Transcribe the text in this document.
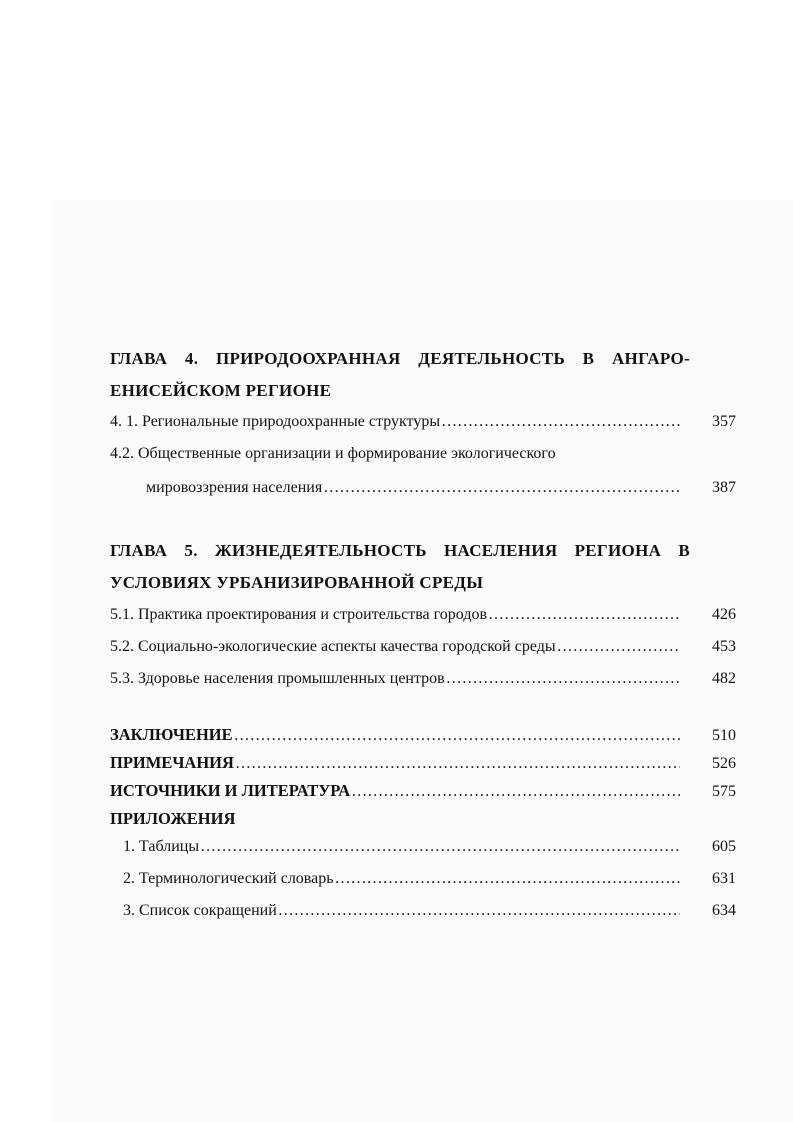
ГЛАВА 4. ПРИРОДООХРАННАЯ ДЕЯТЕЛЬНОСТЬ В АНГАРО-
ЕНИСЕЙСКОМ РЕГИОНЕ
4. 1. Региональные природоохранные структуры ……………………………………………………………………………………………………………………………………	357
4.2. Общественные организации и формирование экологического
мировоззрения населения ……………………………………………………………………………………………………………………………………	387
ГЛАВА 5. ЖИЗНЕДЕЯТЕЛЬНОСТЬ НАСЕЛЕНИЯ РЕГИОНА В
УСЛОВИЯХ УРБАНИЗИРОВАННОЙ СРЕДЫ
5.1. Практика проектирования и строительства городов ……………………………………………………………………………………………………………………………………	426
5.2. Социально-экологические аспекты качества городской среды ……………………………………………………………………………………………………………………………………	453
5.3. Здоровье населения промышленных центров ……………………………………………………………………………………………………………………………………	482
ЗАКЛЮЧЕНИЕ ……………………………………………………………………………………………………………………………………	510
ПРИМЕЧАНИЯ ……………………………………………………………………………………………………………………………………	526
ИСТОЧНИКИ И ЛИТЕРАТУРА ……………………………………………………………………………………………………………………………………	575
ПРИЛОЖЕНИЯ
1. Таблицы ……………………………………………………………………………………………………………………………………	605
2. Терминологический словарь ……………………………………………………………………………………………………………………………………	631
3. Список сокращений ……………………………………………………………………………………………………………………………………	634
